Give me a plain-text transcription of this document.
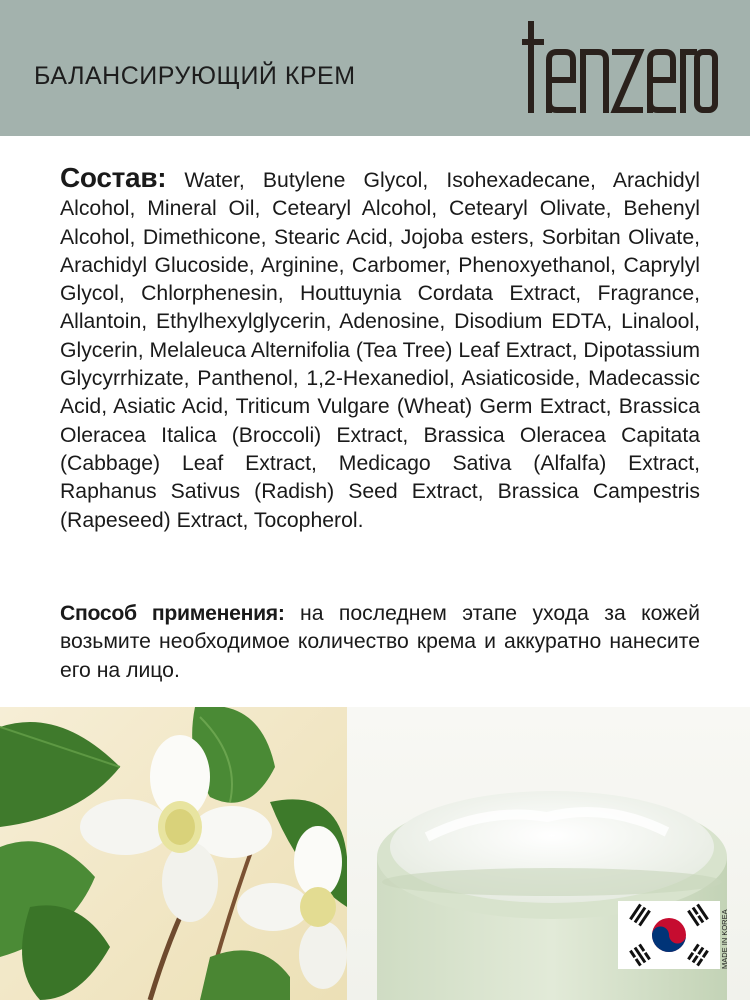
БАЛАНСИРУЮЩИЙ КРЕМ
Состав: Water, Butylene Glycol, Isohexadecane, Arachidyl Alcohol, Mineral Oil, Cetearyl Alcohol, Cetearyl Olivate, Behenyl Alcohol, Dimethicone, Stearic Acid, Jojoba esters, Sorbitan Olivate, Arachidyl Glucoside, Arginine, Carbomer, Phenoxyethanol, Caprylyl Glycol, Chlorphenesin, Houttuynia Cordata Extract, Fragrance, Allantoin, Ethylhexylglycerin, Adenosine, Disodium EDTA, Linalool, Glycerin, Melaleuca Alternifolia (Tea Tree) Leaf Extract, Dipotassium Glycyrrhizate, Panthenol, 1,2-Hexanediol, Asiaticoside, Madecassic Acid, Asiatic Acid, Triticum Vulgare (Wheat) Germ Extract, Brassica Oleracea Italica (Broccoli) Extract, Brassica Oleracea Capitata (Cabbage) Leaf Extract, Medicago Sativa (Alfalfa) Extract, Raphanus Sativus (Radish) Seed Extract, Brassica Campestris (Rapeseed) Extract, Tocopherol.
Способ применения: на последнем этапе ухода за кожей возьмите необходимое количество крема и аккуратно нанесите его на лицо.
MADE IN KOREA
